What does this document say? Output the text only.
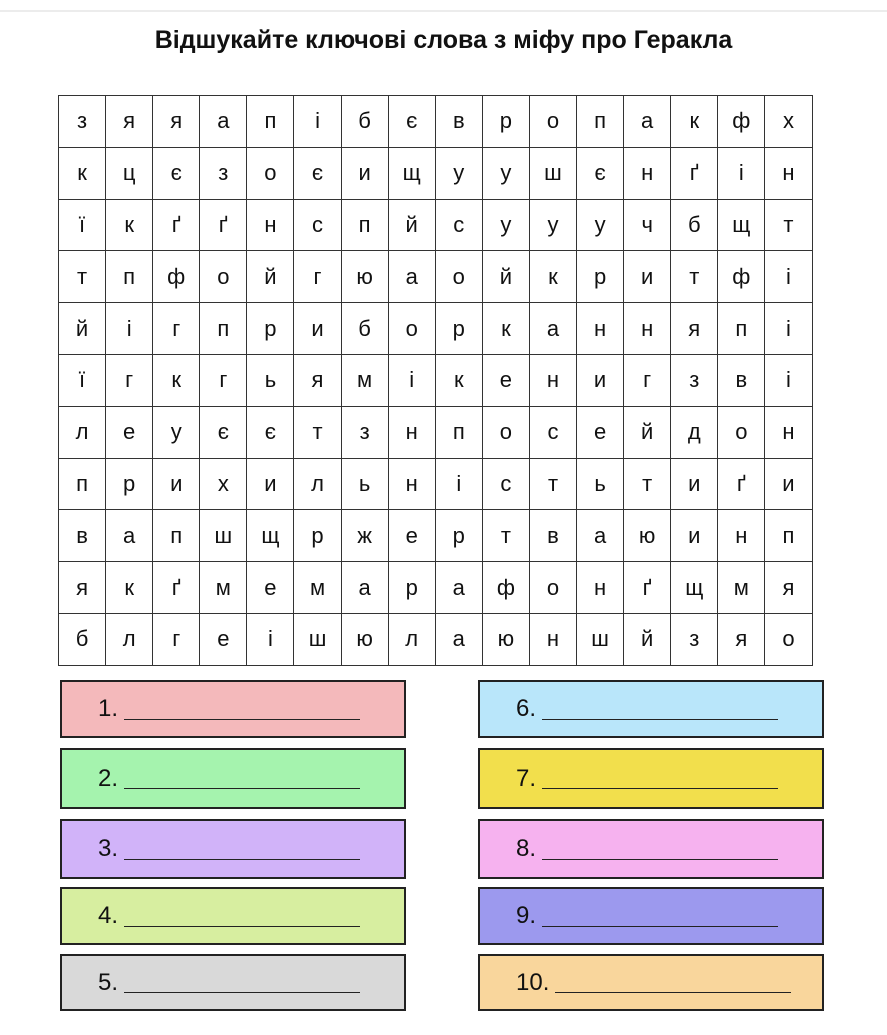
Відшукайте ключові слова з міфу про Геракла
з	я	я	а	п	і	б	є	в	р	о	п	а	к	ф	х
к	ц	є	з	о	є	и	щ	у	у	ш	є	н	ґ	і	н
ї	к	ґ	ґ	н	с	п	й	с	у	у	у	ч	б	щ	т
т	п	ф	о	й	г	ю	а	о	й	к	р	и	т	ф	і
й	і	г	п	р	и	б	о	р	к	а	н	н	я	п	і
ї	г	к	г	ь	я	м	і	к	е	н	и	г	з	в	і
л	е	у	є	є	т	з	н	п	о	с	е	й	д	о	н
п	р	и	х	и	л	ь	н	і	с	т	ь	т	и	ґ	и
в	а	п	ш	щ	р	ж	е	р	т	в	а	ю	и	н	п
я	к	ґ	м	е	м	а	р	а	ф	о	н	ґ	щ	м	я
б	л	г	е	і	ш	ю	л	а	ю	н	ш	й	з	я	о
1.
2.
3.
4.
5.
6.
7.
8.
9.
10.
